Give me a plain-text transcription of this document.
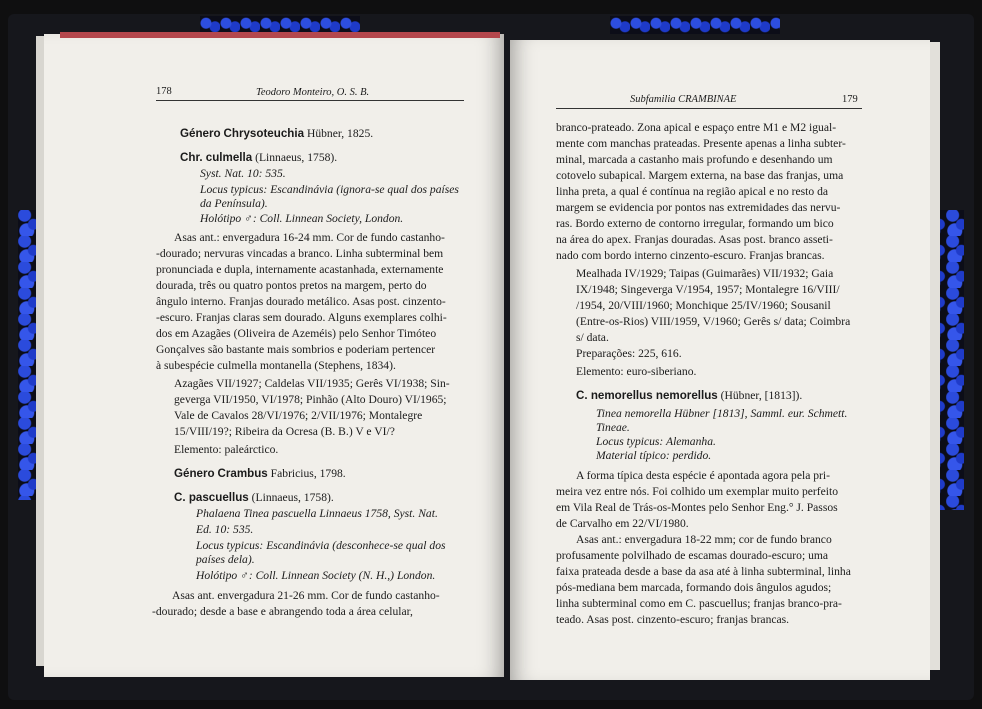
178	Teodoro Monteiro, O. S. B.
Género Chrysoteuchia Hübner, 1825.
Chr. culmella (Linnaeus, 1758).
Syst. Nat. 10: 535.
Locus typicus: Escandinávia (ignora-se qual dos países
da Península).
Holótipo ♂: Coll. Linnean Society, London.
Asas ant.: envergadura 16-24 mm. Cor de fundo castanho-
-dourado; nervuras vincadas a branco. Linha subterminal bem
pronunciada e dupla, internamente acastanhada, externamente
dourada, três ou quatro pontos pretos na margem, perto do
ângulo interno. Franjas dourado metálico. Asas post. cinzento-
-escuro. Franjas claras sem dourado. Alguns exemplares colhi-
dos em Azagães (Oliveira de Azeméis) pelo Senhor Timóteo
Gonçalves são bastante mais sombrios e poderiam pertencer
à subespécie culmella montanella (Stephens, 1834).
Azagães VII/1927; Caldelas VII/1935; Gerês VI/1938; Sin-
geverga VII/1950, VI/1978; Pinhão (Alto Douro) VI/1965;
Vale de Cavalos 28/VI/1976; 2/VII/1976; Montalegre
15/VIII/19?; Ribeira da Ocresa (B. B.) V e VI/?
Elemento: paleárctico.
Género Crambus Fabricius, 1798.
C. pascuellus (Linnaeus, 1758).
Phalaena Tinea pascuella Linnaeus 1758, Syst. Nat.
Ed. 10: 535.
Locus typicus: Escandinávia (desconhece-se qual dos
países dela).
Holótipo ♂: Coll. Linnean Society (N. H.,) London.
Asas ant. envergadura 21-26 mm. Cor de fundo castanho-
-dourado; desde a base e abrangendo toda a área celular,
Subfamilia CRAMBINAE	179
branco-prateado. Zona apical e espaço entre M1 e M2 igual-
mente com manchas prateadas. Presente apenas a linha subter-
minal, marcada a castanho mais profundo e desenhando um
cotovelo subapical. Margem externa, na base das franjas, uma
linha preta, a qual é contínua na região apical e no resto da
margem se evidencia por pontos nas extremidades das nervu-
ras. Bordo externo de contorno irregular, formando um bico
na área do apex. Franjas douradas. Asas post. branco asseti-
nado com bordo interno cinzento-escuro. Franjas brancas.
Mealhada IV/1929; Taipas (Guimarães) VII/1932; Gaia
IX/1948; Singeverga V/1954, 1957; Montalegre 16/VIII/
/1954, 20/VIII/1960; Monchique 25/IV/1960; Sousanil
(Entre-os-Rios) VIII/1959, V/1960; Gerês s/ data; Coimbra
s/ data.
Preparações: 225, 616.
Elemento: euro-siberiano.
C. nemorellus nemorellus (Hübner, [1813]).
Tinea nemorella Hübner [1813], Samml. eur. Schmett.
Tineae.
Locus typicus: Alemanha.
Material típico: perdido.
A forma típica desta espécie é apontada agora pela pri-
meira vez entre nós. Foi colhido um exemplar muito perfeito
em Vila Real de Trás-os-Montes pelo Senhor Eng.° J. Passos
de Carvalho em 22/VI/1980.
Asas ant.: envergadura 18-22 mm; cor de fundo branco
profusamente polvilhado de escamas dourado-escuro; uma
faixa prateada desde a base da asa até à linha subterminal, linha
pós-mediana bem marcada, formando dois ângulos agudos;
linha subterminal como em C. pascuellus; franjas branco-pra-
teado. Asas post. cinzento-escuro; franjas brancas.
